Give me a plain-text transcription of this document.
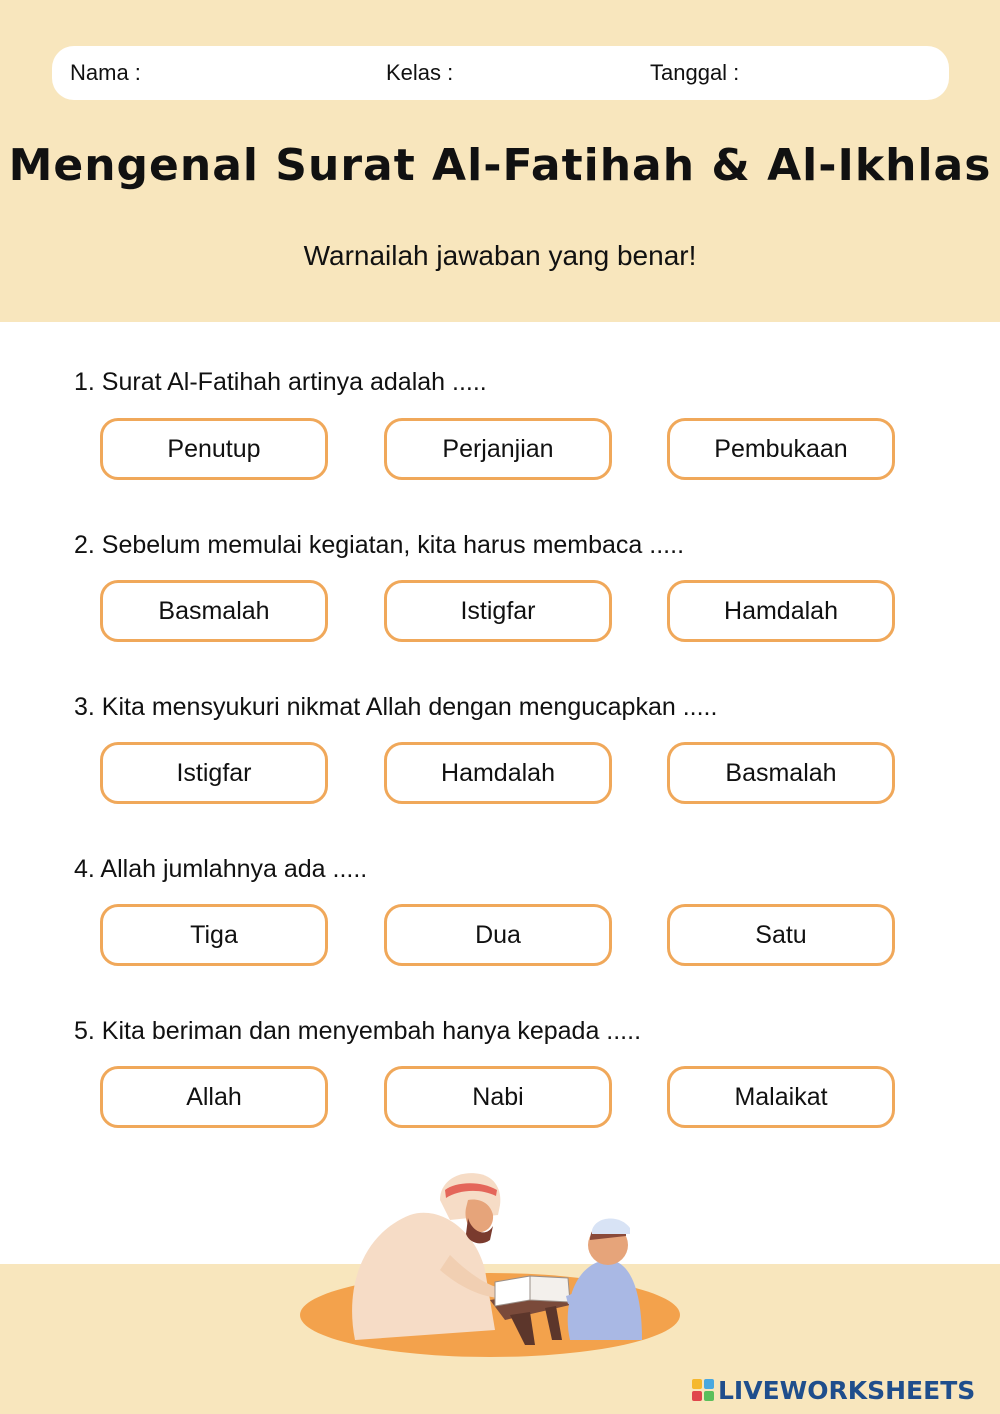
Nama :	Kelas :	Tanggal :
Mengenal Surat Al-Fatihah & Al-Ikhlas
Warnailah jawaban yang benar!
1. Surat Al-Fatihah artinya adalah .....
Penutup	Perjanjian	Pembukaan
2. Sebelum memulai kegiatan, kita harus membaca .....
Basmalah	Istigfar	Hamdalah
3. Kita mensyukuri nikmat Allah dengan mengucapkan .....
Istigfar	Hamdalah	Basmalah
4. Allah jumlahnya ada .....
Tiga	Dua	Satu
5. Kita beriman dan menyembah hanya kepada .....
Allah	Nabi	Malaikat
LIVEWORKSHEETS
